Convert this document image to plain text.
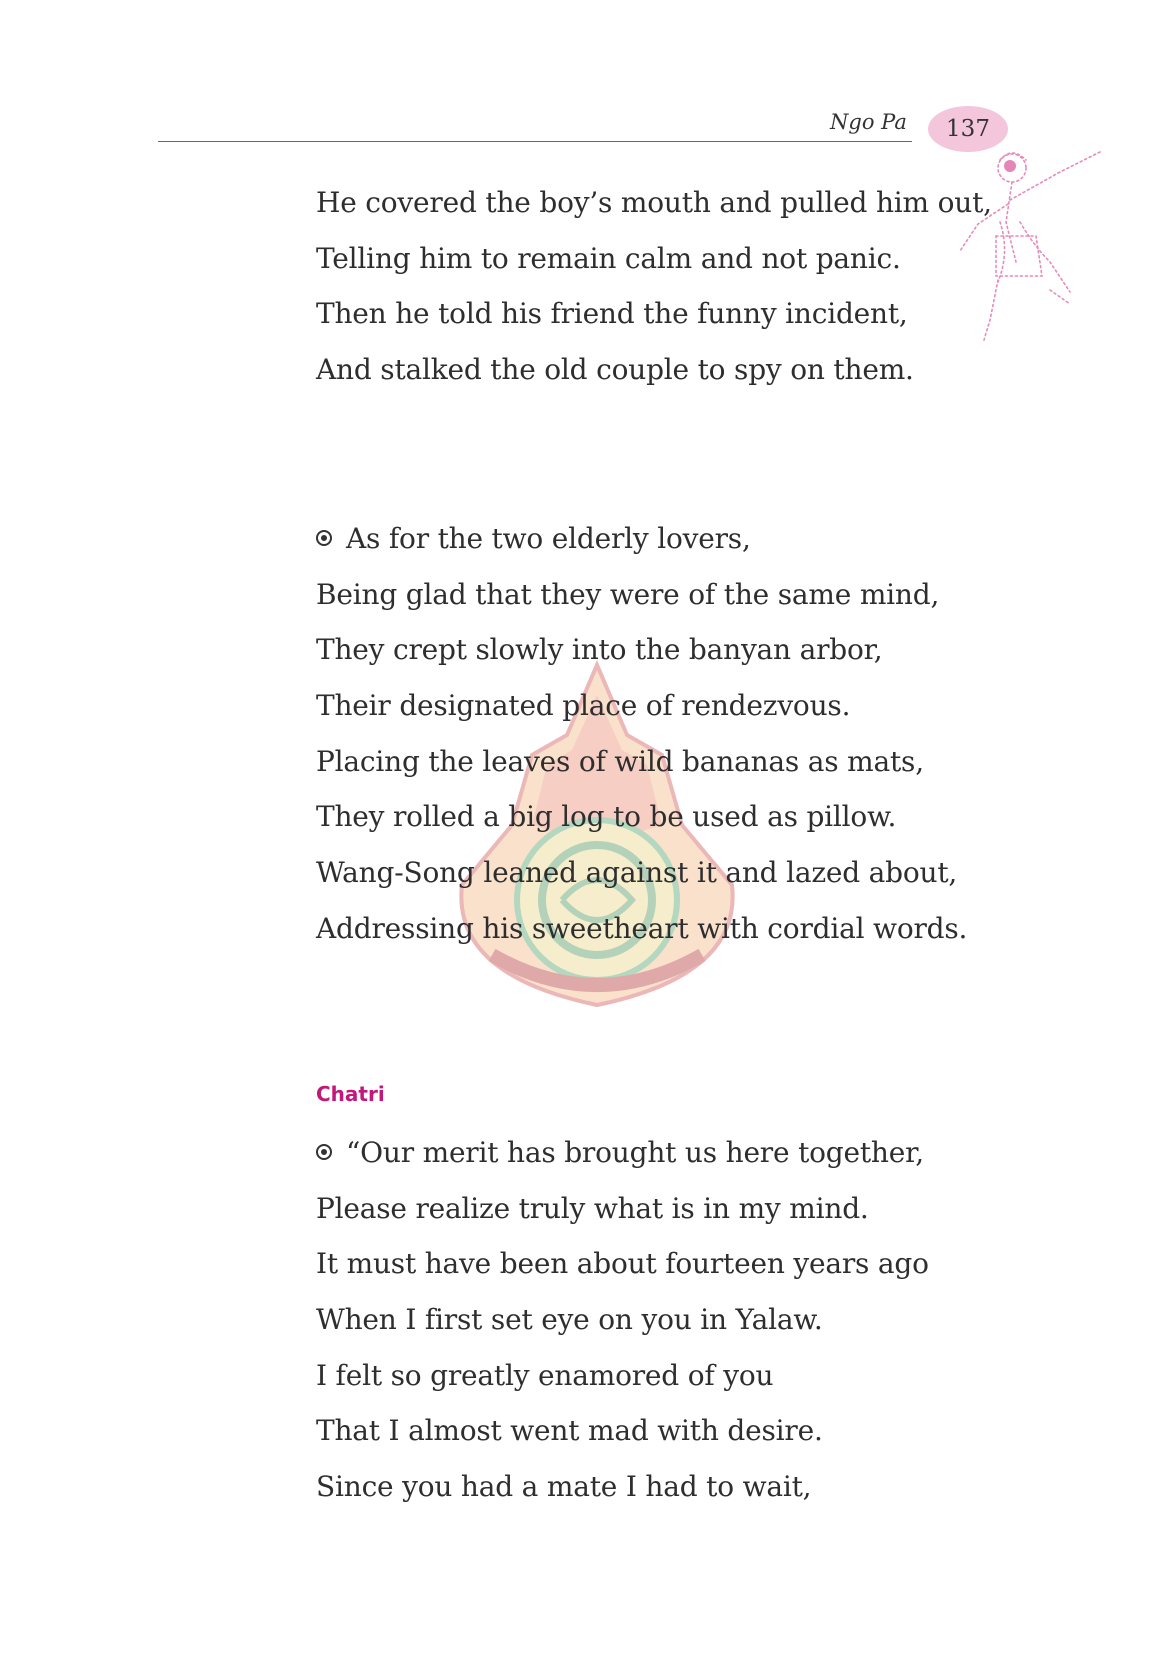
Ngo Pa 137
He covered the boy’s mouth and pulled him out,
Telling him to remain calm and not panic.
Then he told his friend the funny incident,
And stalked the old couple to spy on them.
As for the two elderly lovers,
Being glad that they were of the same mind,
They crept slowly into the banyan arbor,
Their designated place of rendezvous.
Placing the leaves of wild bananas as mats,
They rolled a big log to be used as pillow.
Wang-Song leaned against it and lazed about,
Addressing his sweetheart with cordial words.
Chatri
“Our merit has brought us here together,
Please realize truly what is in my mind.
It must have been about fourteen years ago
When I first set eye on you in Yalaw.
I felt so greatly enamored of you
That I almost went mad with desire.
Since you had a mate I had to wait,
